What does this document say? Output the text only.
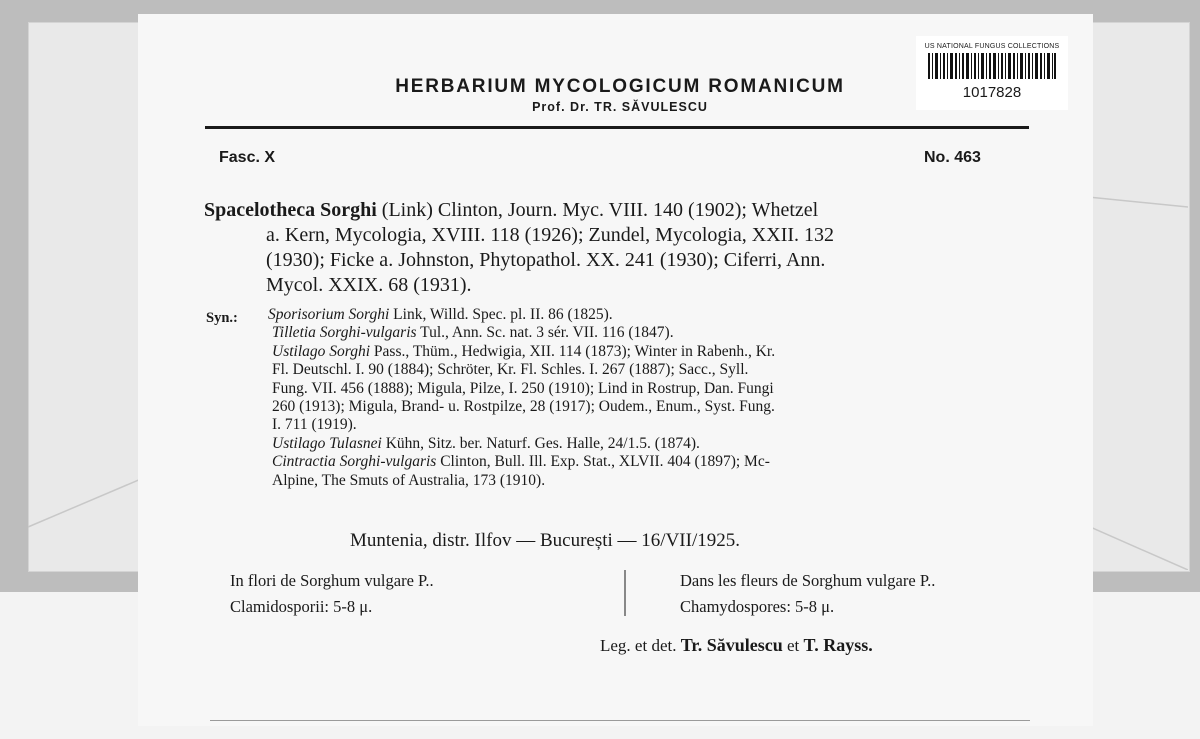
US NATIONAL FUNGUS COLLECTIONS
1017828
HERBARIUM MYCOLOGICUM ROMANICUM
Prof. Dr. TR. SĂVULESCU
Fasc. X	No. 463
Spacelotheca Sorghi (Link) Clinton, Journ. Myc. VIII. 140 (1902); Whetzel
a. Kern, Mycologia, XVIII. 118 (1926); Zundel, Mycologia, XXII. 132
(1930); Ficke a. Johnston, Phytopathol. XX. 241 (1930); Ciferri, Ann.
Mycol. XXIX. 68 (1931).
Syn.: Sporisorium Sorghi Link, Willd. Spec. pl. II. 86 (1825).
Tilletia Sorghi-vulgaris Tul., Ann. Sc. nat. 3 sér. VII. 116 (1847).
Ustilago Sorghi Pass., Thüm., Hedwigia, XII. 114 (1873); Winter in Rabenh., Kr.
Fl. Deutschl. I. 90 (1884); Schröter, Kr. Fl. Schles. I. 267 (1887); Sacc., Syll.
Fung. VII. 456 (1888); Migula, Pilze, I. 250 (1910); Lind in Rostrup, Dan. Fungi
260 (1913); Migula, Brand- u. Rostpilze, 28 (1917); Oudem., Enum., Syst. Fung.
I. 711 (1919).
Ustilago Tulasnei Kühn, Sitz. ber. Naturf. Ges. Halle, 24/1.5. (1874).
Cintractia Sorghi-vulgaris Clinton, Bull. Ill. Exp. Stat., XLVII. 404 (1897); Mc-
Alpine, The Smuts of Australia, 173 (1910).
Muntenia, distr. Ilfov — București — 16/VII/1925.
In flori de Sorghum vulgare P..
Clamidosporii: 5-8 μ.
Dans les fleurs de Sorghum vulgare P..
Chamydospores: 5-8 μ.
Leg. et det. Tr. Săvulescu et T. Rayss.
